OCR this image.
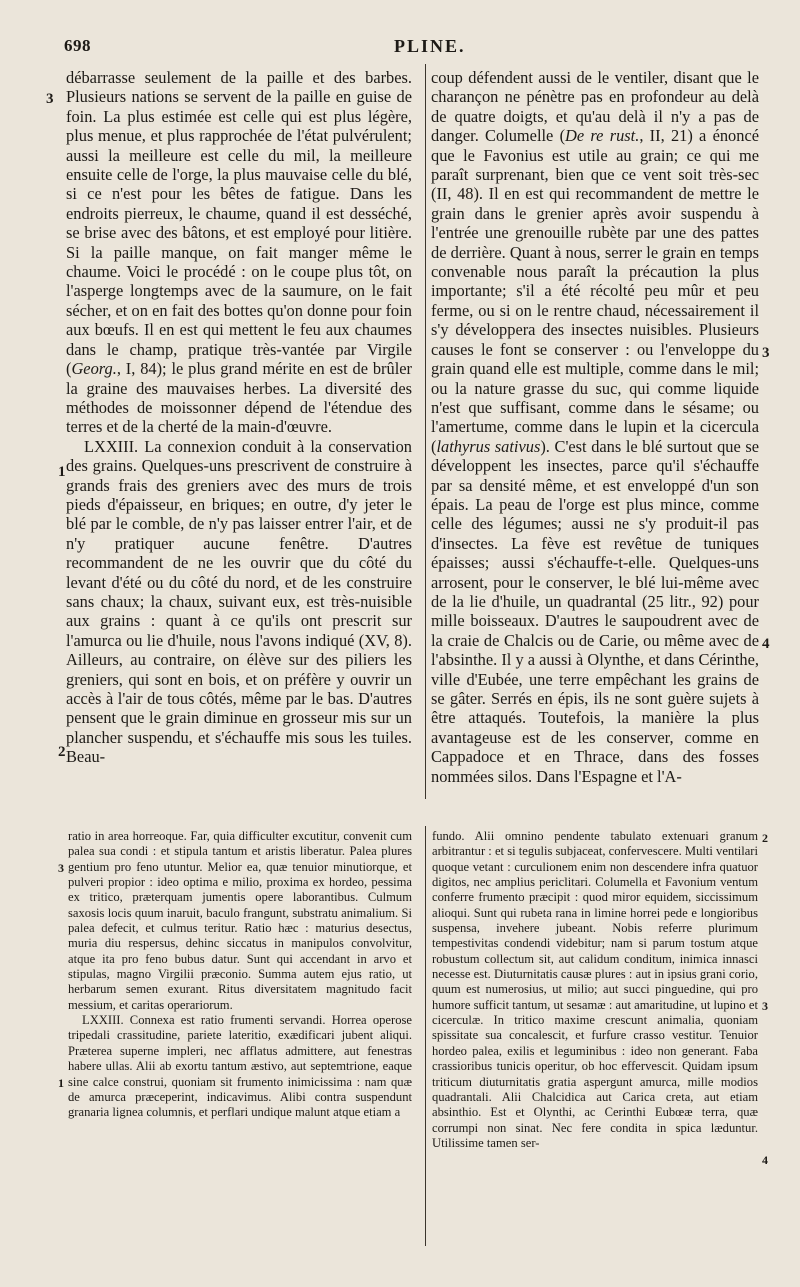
698	PLINE.

débarrasse seulement de la paille et des barbes. Plusieurs nations se servent de la paille en guise de foin. La plus estimée est celle qui est plus légère, plus menue, et plus rapprochée de l'état pulvérulent; aussi la meilleure est celle du mil, la meilleure ensuite celle de l'orge, la plus mauvaise celle du blé, si ce n'est pour les bêtes de fatigue. Dans les endroits pierreux, le chaume, quand il est desséché, se brise avec des bâtons, et est employé pour litière. Si la paille manque, on fait manger même le chaume. Voici le procédé : on le coupe plus tôt, on l'asperge longtemps avec de la saumure, on le fait sécher, et on en fait des bottes qu'on donne pour foin aux bœufs. Il en est qui mettent le feu aux chaumes dans le champ, pratique très-vantée par Virgile (Georg., I, 84); le plus grand mérite en est de brûler la graine des mauvaises herbes. La diversité des méthodes de moissonner dépend de l'étendue des terres et de la cherté de la main-d'œuvre.

LXXIII. La connexion conduit à la conservation des grains. Quelques-uns prescrivent de construire à grands frais des greniers avec des murs de trois pieds d'épaisseur, en briques; en outre, d'y jeter le blé par le comble, de n'y pas laisser entrer l'air, et de n'y pratiquer aucune fenêtre. D'autres recommandent de ne les ouvrir que du côté du levant d'été ou du côté du nord, et de les construire sans chaux; la chaux, suivant eux, est très-nuisible aux grains : quant à ce qu'ils ont prescrit sur l'amurca ou lie d'huile, nous l'avons indiqué (XV, 8). Ailleurs, au contraire, on élève sur des piliers les greniers, qui sont en bois, et on préfère y ouvrir un accès à l'air de tous côtés, même par le bas. D'autres pensent que le grain diminue en grosseur mis sur un plancher suspendu, et s'échauffe mis sous les tuiles. Beau-

3
1
2

coup défendent aussi de le ventiler, disant que le charançon ne pénètre pas en profondeur au delà de quatre doigts, et qu'au delà il n'y a pas de danger. Columelle (De re rust., II, 21) a énoncé que le Favonius est utile au grain; ce qui me paraît surprenant, bien que ce vent soit très-sec (II, 48). Il en est qui recommandent de mettre le grain dans le grenier après avoir suspendu à l'entrée une grenouille rubète par une des pattes de derrière. Quant à nous, serrer le grain en temps convenable nous paraît la précaution la plus importante; s'il a été récolté peu mûr et peu ferme, ou si on le rentre chaud, nécessairement il s'y développera des insectes nuisibles. Plusieurs causes le font se conserver : ou l'enveloppe du grain quand elle est multiple, comme dans le mil; ou la nature grasse du suc, qui comme liquide n'est que suffisant, comme dans le sésame; ou l'amertume, comme dans le lupin et la cicercula (lathyrus sativus). C'est dans le blé surtout que se développent les insectes, parce qu'il s'échauffe par sa densité même, et est enveloppé d'un son épais. La peau de l'orge est plus mince, comme celle des légumes; aussi ne s'y produit-il pas d'insectes. La fève est revêtue de tuniques épaisses; aussi s'échauffe-t-elle. Quelques-uns arrosent, pour le conserver, le blé lui-même avec de la lie d'huile, un quadrantal (25 litr., 92) pour mille boisseaux. D'autres le saupoudrent avec de la craie de Chalcis ou de Carie, ou même avec de l'absinthe. Il y a aussi à Olynthe, et dans Cérinthe, ville d'Eubée, une terre empêchant les grains de se gâter. Serrés en épis, ils ne sont guère sujets à être attaqués. Toutefois, la manière la plus avantageuse est de les conserver, comme en Cappadoce et en Thrace, dans des fosses nommées silos. Dans l'Espagne et l'A-

3
4

ratio in area horreoque. Far, quia difficulter excutitur, convenit cum palea sua condi : et stipula tantum et aristis liberatur. Palea plures gentium pro feno utuntur. Melior ea, quæ tenuior minutiorque, et pulveri propior : ideo optima e milio, proxima ex hordeo, pessima ex tritico, præterquam jumentis opere laborantibus. Culmum saxosis locis quum inaruit, baculo frangunt, substratu animalium. Si palea defecit, et culmus teritur. Ratio hæc : maturius desectus, muria diu respersus, dehinc siccatus in manipulos convolvitur, atque ita pro feno bubus datur. Sunt qui accendant in arvo et stipulas, magno Virgilii præconio. Summa autem ejus ratio, ut herbarum semen exurant. Ritus diversitatem magnitudo facit messium, et caritas operariorum.

LXXIII. Connexa est ratio frumenti servandi. Horrea operose tripedali crassitudine, pariete lateritio, exædificari jubent aliqui. Præterea superne impleri, nec afflatus admittere, aut fenestras habere ullas. Alii ab exortu tantum æstivo, aut septemtrione, eaque sine calce construi, quoniam sit frumento inimicissima : nam quæ de amurca præceperint, indicavimus. Alibi contra suspendunt granaria lignea columnis, et perflari undique malunt atque etiam a

3
1

fundo. Alii omnino pendente tabulato extenuari granum arbitrantur : et si tegulis subjaceat, confervescere. Multi ventilari quoque vetant : curculionem enim non descendere infra quatuor digitos, nec amplius periclitari. Columella et Favonium ventum conferre frumento præcipit : quod miror equidem, siccissimum alioqui. Sunt qui rubeta rana in limine horrei pede e longioribus suspensa, invehere jubeant. Nobis referre plurimum tempestivitas condendi videbitur; nam si parum tostum atque robustum collectum sit, aut calidum conditum, inimica innasci necesse est. Diuturnitatis causæ plures : aut in ipsius grani corio, quum est numerosius, ut milio; aut succi pinguedine, qui pro humore sufficit tantum, ut sesamæ : aut amaritudine, ut lupino et cicerculæ. In tritico maxime crescunt animalia, quoniam spissitate sua concalescit, et furfure crasso vestitur. Tenuior hordeo palea, exilis et leguminibus : ideo non generant. Faba crassioribus tunicis operitur, ob hoc effervescit. Quidam ipsum triticum diuturnitatis gratia aspergunt amurca, mille modios quadrantali. Alii Chalcidica aut Carica creta, aut etiam absinthio. Est et Olynthi, ac Cerinthi Eubœæ terra, quæ corrumpi non sinat. Nec fere condita in spica læduntur. Utilissime tamen ser-

2
3
4
